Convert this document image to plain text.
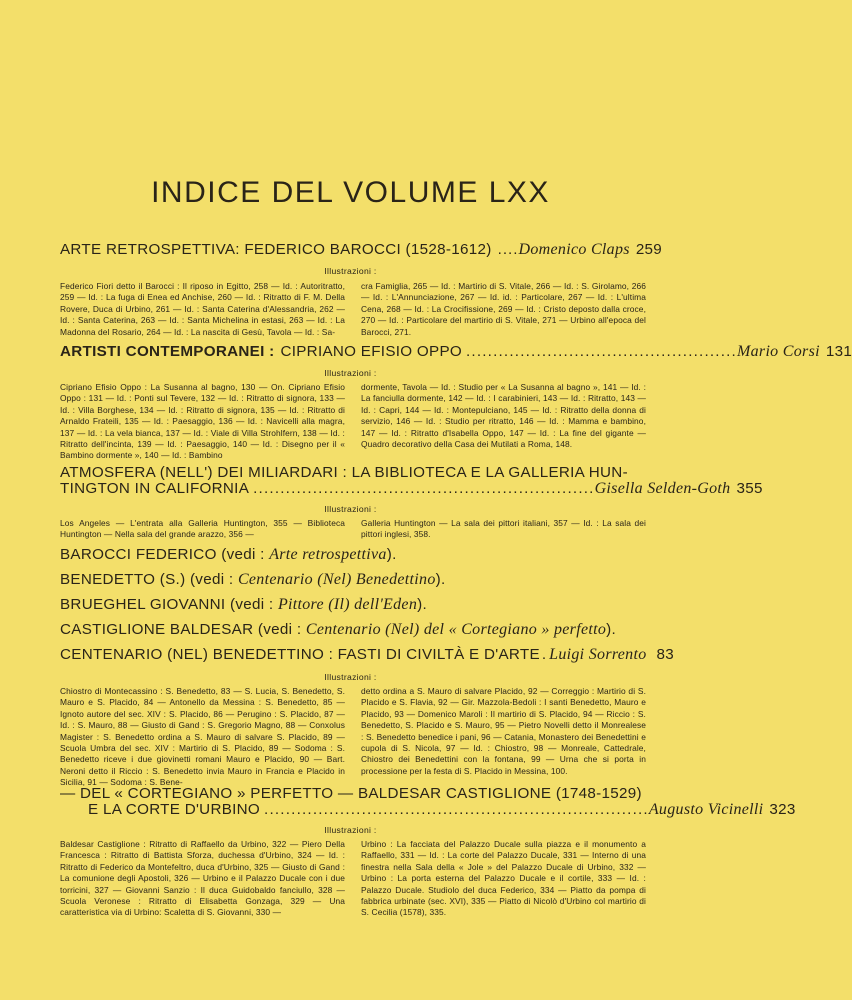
INDICE DEL VOLUME LXX
ARTE RETROSPETTIVA: FEDERICO BAROCCI (1528-1612) .... Domenico Claps 259
Illustrazioni :
Federico Fiori detto il Barocci : Il riposo in Egitto, 258 — Id. : Autoritratto, 259 — Id. : La fuga di Enea ed Anchise, 260 — Id. : Ritratto di F. M. Della Rovere, Duca di Urbino, 261 — Id. : Santa Caterina d'Alessandria, 262 — Id. : Santa Caterina, 263 — Id. : Santa Michelina in estasi, 263 — Id. : La Madonna del Rosario, 264 — Id. : La nascita di Gesù, Tavola — Id. : Sa-
cra Famiglia, 265 — Id. : Martirio di S. Vitale, 266 — Id. : S. Girolamo, 266 — Id. : L'Annunciazione, 267 — Id. id. : Particolare, 267 — Id. : L'ultima Cena, 268 — Id. : La Crocifissione, 269 — Id. : Cristo deposto dalla croce, 270 — Id. : Particolare del martirio di S. Vitale, 271 — Urbino all'epoca del Barocci, 271.
ARTISTI CONTEMPORANEI : CIPRIANO EFISIO OPPO .................................................. Mario Corsi 131
Illustrazioni :
Cipriano Efisio Oppo : La Susanna al bagno, 130 — On. Cipriano Efisio Oppo : 131 — Id. : Ponti sul Tevere, 132 — Id. : Ritratto di signora, 133 — Id. : Villa Borghese, 134 — Id. : Ritratto di signora, 135 — Id. : Ritratto di Arnaldo Frateili, 135 — Id. : Paesaggio, 136 — Id. : Navicelli alla magra, 137 — Id. : La vela bianca, 137 — Id. : Viale di Villa Strohlfern, 138 — Id. : Ritratto dell'incinta, 139 — Id. : Paesaggio, 140 — Id. : Disegno per il « Bambino dormente », 140 — Id. : Bambino
dormente, Tavola — Id. : Studio per « La Susanna al bagno », 141 — Id. : La fanciulla dormente, 142 — Id. : I carabinieri, 143 — Id. : Ritratto, 143 — Id. : Capri, 144 — Id. : Montepulciano, 145 — Id. : Ritratto della donna di servizio, 146 — Id. : Studio per ritratto, 146 — Id. : Mamma e bambino, 147 — Id. : Ritratto d'Isabella Oppo, 147 — Id. : La fine del gigante — Quadro decorativo della Casa dei Mutilati a Roma, 148.
ATMOSFERA (NELL') DEI MILIARDARI : LA BIBLIOTECA E LA GALLERIA HUN-
TINGTON IN CALIFORNIA ............................................................... Gisella Selden-Goth 355
Illustrazioni :
Los Angeles — L'entrata alla Galleria Huntington, 355 — Biblioteca Huntington — Nella sala del grande arazzo, 356 —
Galleria Huntington — La sala dei pittori italiani, 357 — Id. : La sala dei pittori inglesi, 358.
BAROCCI FEDERICO (vedi : Arte retrospettiva).
BENEDETTO (S.) (vedi : Centenario (Nel) Benedettino).
BRUEGHEL GIOVANNI (vedi : Pittore (Il) dell'Eden).
CASTIGLIONE BALDESAR (vedi : Centenario (Nel) del « Cortegiano » perfetto).
CENTENARIO (NEL) BENEDETTINO : FASTI DI CIVILTÀ E D'ARTE . Luigi Sorrento 83
Illustrazioni :
Chiostro di Montecassino : S. Benedetto, 83 — S. Lucia, S. Benedetto, S. Mauro e S. Placido, 84 — Antonello da Messina : S. Benedetto, 85 — Ignoto autore del sec. XIV : S. Placido, 86 — Perugino : S. Placido, 87 — Id. : S. Mauro, 88 — Giusto di Gand : S. Gregorio Magno, 88 — Conxolus Magister : S. Benedetto ordina a S. Mauro di salvare S. Placido, 89 — Scuola Umbra del sec. XIV : Martirio di S. Placido, 89 — Sodoma : S. Benedetto riceve i due giovinetti romani Mauro e Placido, 90 — Bart. Neroni detto il Riccio : S. Benedetto invia Mauro in Francia e Placido in Sicilia, 91 — Sodoma : S. Bene-
detto ordina a S. Mauro di salvare Placido, 92 — Correggio : Martirio di S. Placido e S. Flavia, 92 — Gir. Mazzola-Bedoli : I santi Benedetto, Mauro e Placido, 93 — Domenico Maroli : Il martirio di S. Placido, 94 — Riccio : S. Benedetto, S. Placido e S. Mauro, 95 — Pietro Novelli detto il Monrealese : S. Benedetto benedice i pani, 96 — Catania, Monastero dei Benedettini e cupola di S. Nicola, 97 — Id. : Chiostro, 98 — Monreale, Cattedrale, Chiostro dei Benedettini con la fontana, 99 — Urna che si porta in processione per la festa di S. Placido in Messina, 100.
— DEL « CORTEGIANO » PERFETTO — BALDESAR CASTIGLIONE (1748-1529)
E LA CORTE D'URBINO ....................................................................... Augusto Vicinelli 323
Illustrazioni :
Baldesar Castiglione : Ritratto di Raffaello da Urbino, 322 — Piero Della Francesca : Ritratto di Battista Sforza, duchessa d'Urbino, 324 — Id. : Ritratto di Federico da Montefeltro, duca d'Urbino, 325 — Giusto di Gand : La comunione degli Apostoli, 326 — Urbino e il Palazzo Ducale con i due torricini, 327 — Giovanni Sanzio : Il duca Guidobaldo fanciullo, 328 — Scuola Veronese : Ritratto di Elisabetta Gonzaga, 329 — Una caratteristica via di Urbino: Scaletta di S. Giovanni, 330 —
Urbino : La facciata del Palazzo Ducale sulla piazza e il monumento a Raffaello, 331 — Id. : La corte del Palazzo Ducale, 331 — Interno di una finestra nella Sala della « Jole » del Palazzo Ducale di Urbino, 332 — Urbino : La porta esterna del Palazzo Ducale e il cortile, 333 — Id. : Palazzo Ducale. Studiolo del duca Federico, 334 — Piatto da pompa di fabbrica urbinate (sec. XVI), 335 — Piatto di Nicolò d'Urbino col martirio di S. Cecilia (1578), 335.
